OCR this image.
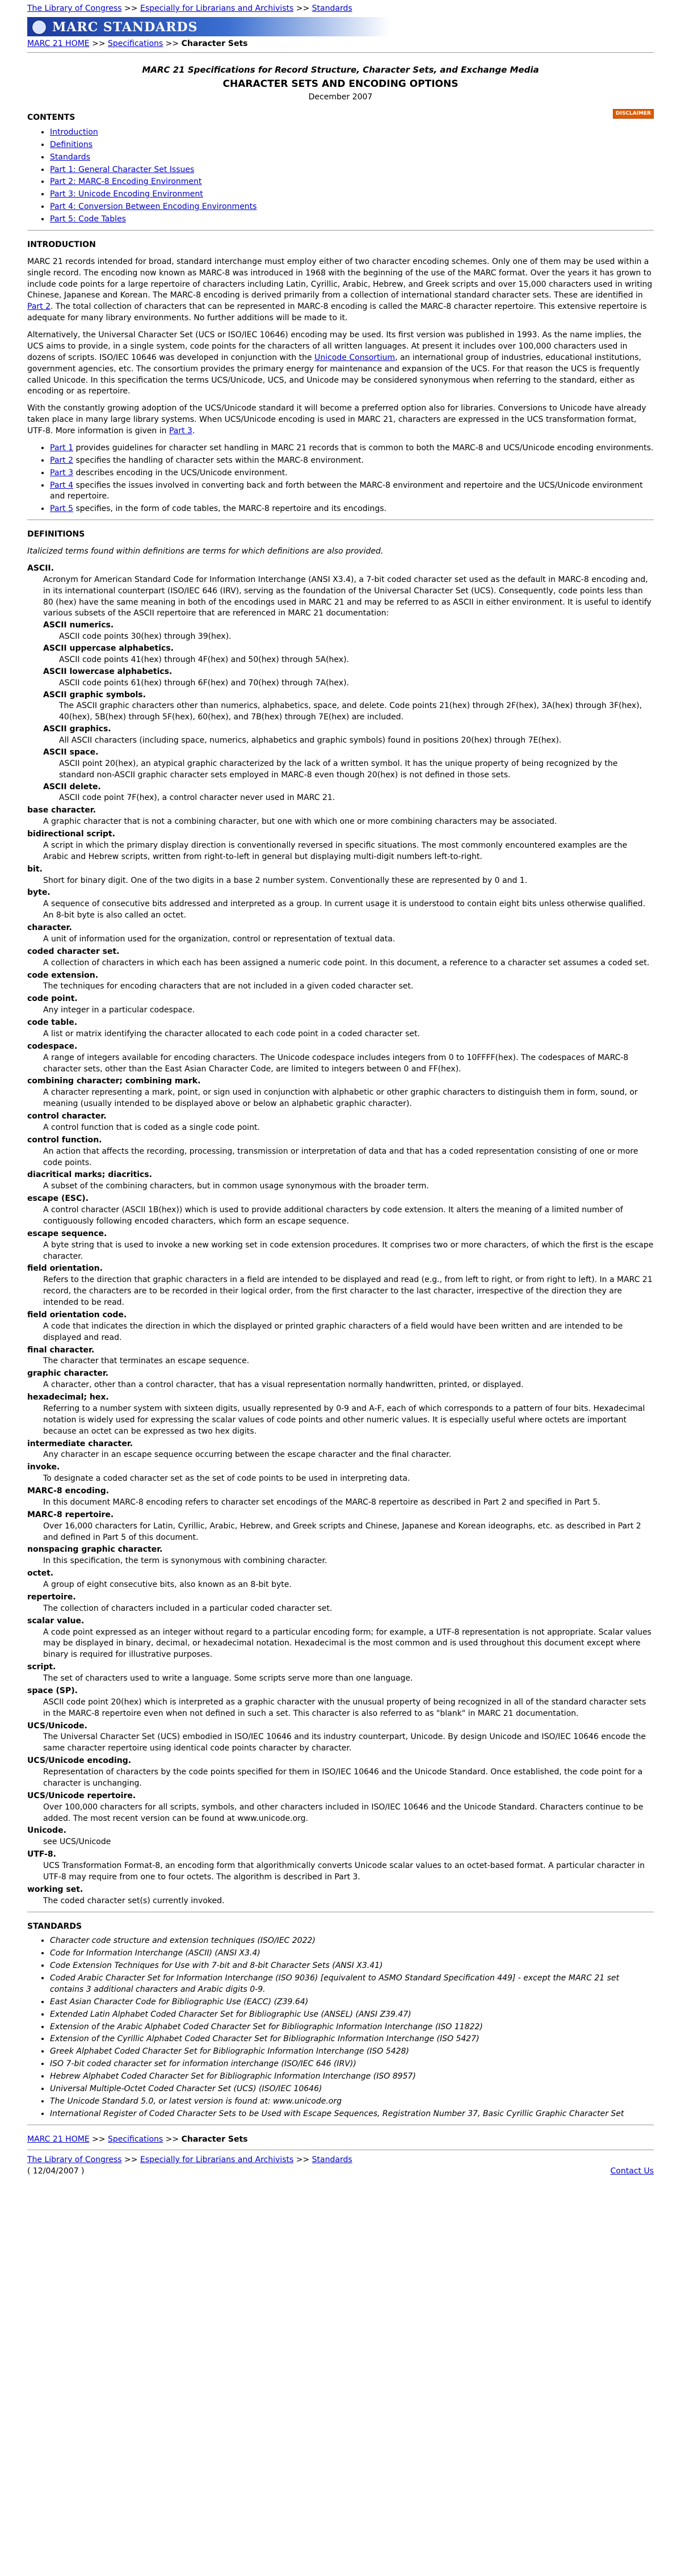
The Library of Congress >> Especially for Librarians and Archivists >> Standards
MARC STANDARDS
MARC 21 HOME >> Specifications >> Character Sets
MARC 21 Specifications for Record Structure, Character Sets, and Exchange Media
CHARACTER SETS AND ENCODING OPTIONS
December 2007
DISCLAIMER
CONTENTS
• Introduction
• Definitions
• Standards
• Part 1: General Character Set Issues
• Part 2: MARC-8 Encoding Environment
• Part 3: Unicode Encoding Environment
• Part 4: Conversion Between Encoding Environments
• Part 5: Code Tables
INTRODUCTION

MARC 21 records intended for broad, standard interchange must employ either of two character encoding schemes. Only one of them may be used within a single record. The encoding now known as MARC-8 was introduced in 1968 with the beginning of the use of the MARC format. Over the years it has grown to include code points for a large repertoire of characters including Latin, Cyrillic, Arabic, Hebrew, and Greek scripts and over 15,000 characters used in writing Chinese, Japanese and Korean. The MARC-8 encoding is derived primarily from a collection of international standard character sets. These are identified in Part 2. The total collection of characters that can be represented in MARC-8 encoding is called the MARC-8 character repertoire. This extensive repertoire is adequate for many library environments. No further additions will be made to it.

Alternatively, the Universal Character Set (UCS or ISO/IEC 10646) encoding may be used. Its first version was published in 1993. As the name implies, the UCS aims to provide, in a single system, code points for the characters of all written languages. At present it includes over 100,000 characters used in dozens of scripts. ISO/IEC 10646 was developed in conjunction with the Unicode Consortium, an international group of industries, educational institutions, government agencies, etc. The consortium provides the primary energy for maintenance and expansion of the UCS. For that reason the UCS is frequently called Unicode. In this specification the terms UCS/Unicode, UCS, and Unicode may be considered synonymous when referring to the standard, either as encoding or as repertoire.

With the constantly growing adoption of the UCS/Unicode standard it will become a preferred option also for libraries. Conversions to Unicode have already taken place in many large library systems. When UCS/Unicode encoding is used in MARC 21, characters are expressed in the UCS transformation format, UTF-8. More information is given in Part 3.

• Part 1 provides guidelines for character set handling in MARC 21 records that is common to both the MARC-8 and UCS/Unicode encoding environments.
• Part 2 specifies the handling of character sets within the MARC-8 environment.
• Part 3 describes encoding in the UCS/Unicode environment.
• Part 4 specifies the issues involved in converting back and forth between the MARC-8 environment and repertoire and the UCS/Unicode environment and repertoire.
• Part 5 specifies, in the form of code tables, the MARC-8 repertoire and its encodings.
DEFINITIONS

Italicized terms found within definitions are terms for which definitions are also provided.

ASCII.
Acronym for American Standard Code for Information Interchange (ANSI X3.4), a 7-bit coded character set used as the default in MARC-8 encoding and, in its international counterpart (ISO/IEC 646 (IRV), serving as the foundation of the Universal Character Set (UCS). Consequently, code points less than 80 (hex) have the same meaning in both of the encodings used in MARC 21 and may be referred to as ASCII in either environment. It is useful to identify various subsets of the ASCII repertoire that are referenced in MARC 21 documentation:
ASCII numerics.
ASCII code points 30(hex) through 39(hex).
ASCII uppercase alphabetics.
ASCII code points 41(hex) through 4F(hex) and 50(hex) through 5A(hex).
ASCII lowercase alphabetics.
ASCII code points 61(hex) through 6F(hex) and 70(hex) through 7A(hex).
ASCII graphic symbols.
The ASCII graphic characters other than numerics, alphabetics, space, and delete. Code points 21(hex) through 2F(hex), 3A(hex) through 3F(hex), 40(hex), 5B(hex) through 5F(hex), 60(hex), and 7B(hex) through 7E(hex) are included.
ASCII graphics.
All ASCII characters (including space, numerics, alphabetics and graphic symbols) found in positions 20(hex) through 7E(hex).
ASCII space.
ASCII point 20(hex), an atypical graphic characterized by the lack of a written symbol. It has the unique property of being recognized by the standard non-ASCII graphic character sets employed in MARC-8 even though 20(hex) is not defined in those sets.
ASCII delete.
ASCII code point 7F(hex), a control character never used in MARC 21.
base character.
A graphic character that is not a combining character, but one with which one or more combining characters may be associated.
bidirectional script.
A script in which the primary display direction is conventionally reversed in specific situations. The most commonly encountered examples are the Arabic and Hebrew scripts, written from right-to-left in general but displaying multi-digit numbers left-to-right.
bit.
Short for binary digit. One of the two digits in a base 2 number system. Conventionally these are represented by 0 and 1.
byte.
A sequence of consecutive bits addressed and interpreted as a group. In current usage it is understood to contain eight bits unless otherwise qualified. An 8-bit byte is also called an octet.
character.
A unit of information used for the organization, control or representation of textual data.
coded character set.
A collection of characters in which each has been assigned a numeric code point. In this document, a reference to a character set assumes a coded set.
code extension.
The techniques for encoding characters that are not included in a given coded character set.
code point.
Any integer in a particular codespace.
code table.
A list or matrix identifying the character allocated to each code point in a coded character set.
codespace.
A range of integers available for encoding characters. The Unicode codespace includes integers from 0 to 10FFFF(hex). The codespaces of MARC-8 character sets, other than the East Asian Character Code, are limited to integers between 0 and FF(hex).
combining character; combining mark.
A character representing a mark, point, or sign used in conjunction with alphabetic or other graphic characters to distinguish them in form, sound, or meaning (usually intended to be displayed above or below an alphabetic graphic character).
control character.
A control function that is coded as a single code point.
control function.
An action that affects the recording, processing, transmission or interpretation of data and that has a coded representation consisting of one or more code points.
diacritical marks; diacritics.
A subset of the combining characters, but in common usage synonymous with the broader term.
escape (ESC).
A control character (ASCII 1B(hex)) which is used to provide additional characters by code extension. It alters the meaning of a limited number of contiguously following encoded characters, which form an escape sequence.
escape sequence.
A byte string that is used to invoke a new working set in code extension procedures. It comprises two or more characters, of which the first is the escape character.
field orientation.
Refers to the direction that graphic characters in a field are intended to be displayed and read (e.g., from left to right, or from right to left). In a MARC 21 record, the characters are to be recorded in their logical order, from the first character to the last character, irrespective of the direction they are intended to be read.
field orientation code.
A code that indicates the direction in which the displayed or printed graphic characters of a field would have been written and are intended to be displayed and read.
final character.
The character that terminates an escape sequence.
graphic character.
A character, other than a control character, that has a visual representation normally handwritten, printed, or displayed.
hexadecimal; hex.
Referring to a number system with sixteen digits, usually represented by 0-9 and A-F, each of which corresponds to a pattern of four bits. Hexadecimal notation is widely used for expressing the scalar values of code points and other numeric values. It is especially useful where octets are important because an octet can be expressed as two hex digits.
intermediate character.
Any character in an escape sequence occurring between the escape character and the final character.
invoke.
To designate a coded character set as the set of code points to be used in interpreting data.
MARC-8 encoding.
In this document MARC-8 encoding refers to character set encodings of the MARC-8 repertoire as described in Part 2 and specified in Part 5.
MARC-8 repertoire.
Over 16,000 characters for Latin, Cyrillic, Arabic, Hebrew, and Greek scripts and Chinese, Japanese and Korean ideographs, etc. as described in Part 2 and defined in Part 5 of this document.
nonspacing graphic character.
In this specification, the term is synonymous with combining character.
octet.
A group of eight consecutive bits, also known as an 8-bit byte.
repertoire.
The collection of characters included in a particular coded character set.
scalar value.
A code point expressed as an integer without regard to a particular encoding form; for example, a UTF-8 representation is not appropriate. Scalar values may be displayed in binary, decimal, or hexadecimal notation. Hexadecimal is the most common and is used throughout this document except where binary is required for illustrative purposes.
script.
The set of characters used to write a language. Some scripts serve more than one language.
space (SP).
ASCII code point 20(hex) which is interpreted as a graphic character with the unusual property of being recognized in all of the standard character sets in the MARC-8 repertoire even when not defined in such a set. This character is also referred to as "blank" in MARC 21 documentation.
UCS/Unicode.
The Universal Character Set (UCS) embodied in ISO/IEC 10646 and its industry counterpart, Unicode. By design Unicode and ISO/IEC 10646 encode the same character repertoire using identical code points character by character.
UCS/Unicode encoding.
Representation of characters by the code points specified for them in ISO/IEC 10646 and the Unicode Standard. Once established, the code point for a character is unchanging.
UCS/Unicode repertoire.
Over 100,000 characters for all scripts, symbols, and other characters included in ISO/IEC 10646 and the Unicode Standard. Characters continue to be added. The most recent version can be found at www.unicode.org.
Unicode.
see UCS/Unicode
UTF-8.
UCS Transformation Format-8, an encoding form that algorithmically converts Unicode scalar values to an octet-based format. A particular character in UTF-8 may require from one to four octets. The algorithm is described in Part 3.
working set.
The coded character set(s) currently invoked.
STANDARDS
• Character code structure and extension techniques (ISO/IEC 2022)
• Code for Information Interchange (ASCII) (ANSI X3.4)
• Code Extension Techniques for Use with 7-bit and 8-bit Character Sets (ANSI X3.41)
• Coded Arabic Character Set for Information Interchange (ISO 9036) [equivalent to ASMO Standard Specification 449] - except the MARC 21 set contains 3 additional characters and Arabic digits 0-9.
• East Asian Character Code for Bibliographic Use (EACC) (Z39.64)
• Extended Latin Alphabet Coded Character Set for Bibliographic Use (ANSEL) (ANSI Z39.47)
• Extension of the Arabic Alphabet Coded Character Set for Bibliographic Information Interchange (ISO 11822)
• Extension of the Cyrillic Alphabet Coded Character Set for Bibliographic Information Interchange (ISO 5427)
• Greek Alphabet Coded Character Set for Bibliographic Information Interchange (ISO 5428)
• ISO 7-bit coded character set for information interchange (ISO/IEC 646 (IRV))
• Hebrew Alphabet Coded Character Set for Bibliographic Information Interchange (ISO 8957)
• Universal Multiple-Octet Coded Character Set (UCS) (ISO/IEC 10646)
• The Unicode Standard 5.0, or latest version is found at: www.unicode.org
• International Register of Coded Character Sets to be Used with Escape Sequences, Registration Number 37, Basic Cyrillic Graphic Character Set
MARC 21 HOME >> Specifications >> Character Sets
The Library of Congress >> Especially for Librarians and Archivists >> Standards
( 12/04/2007 )	Contact Us
